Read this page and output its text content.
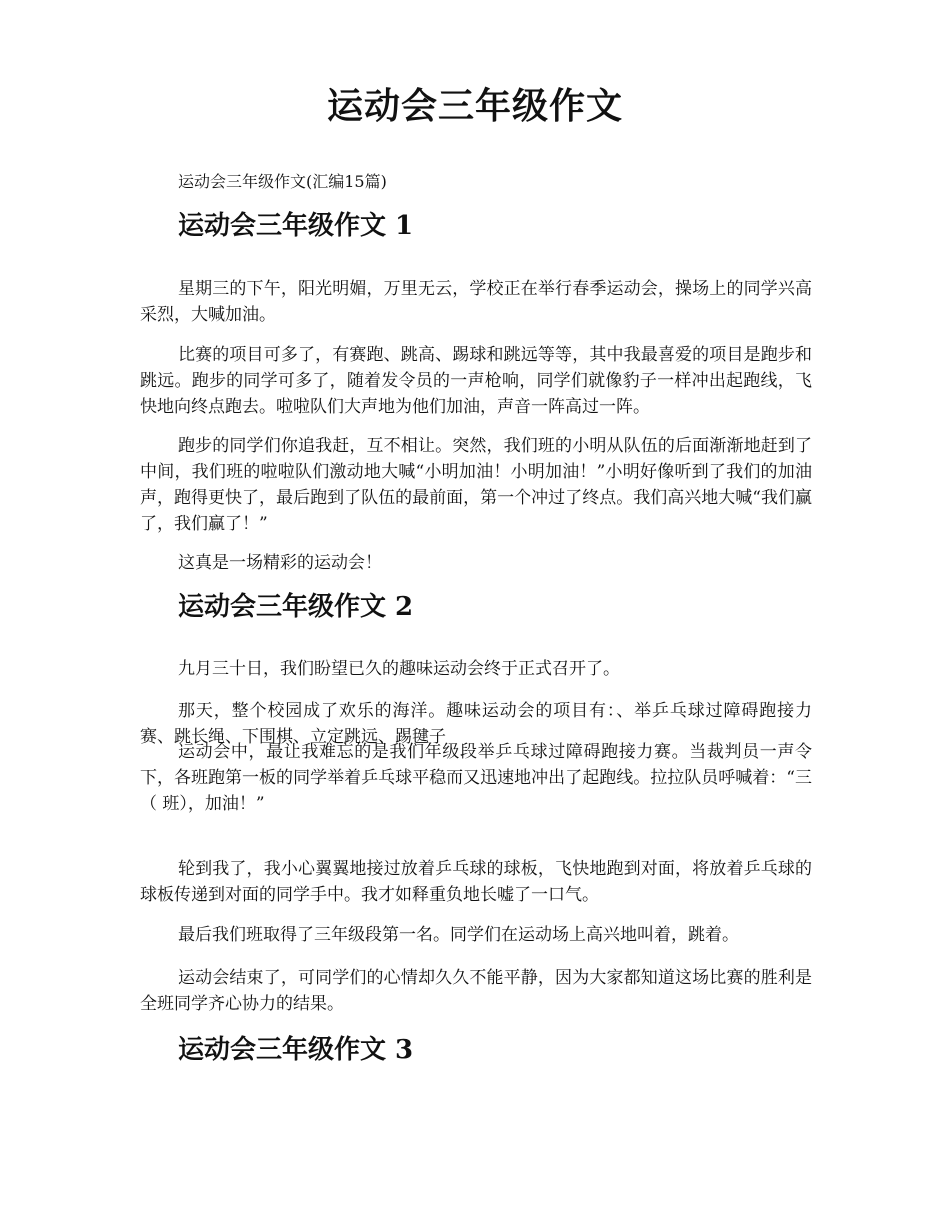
运动会三年级作文

运动会三年级作文(汇编15篇)

运动会三年级作文 1

星期三的下午，阳光明媚，万里无云，学校正在举行春季运动会，操场上的同学兴高采烈，大喊加油。

比赛的项目可多了，有赛跑、跳高、踢球和跳远等等，其中我最喜爱的项目是跑步和跳远。跑步的同学可多了，随着发令员的一声枪响，同学们就像豹子一样冲出起跑线，飞快地向终点跑去。啦啦队们大声地为他们加油，声音一阵高过一阵。

跑步的同学们你追我赶，互不相让。突然，我们班的小明从队伍的后面渐渐地赶到了中间，我们班的啦啦队们激动地大喊“小明加油！小明加油！”小明好像听到了我们的加油声，跑得更快了，最后跑到了队伍的最前面，第一个冲过了终点。我们高兴地大喊“我们赢了，我们赢了！”

这真是一场精彩的运动会！

运动会三年级作文 2

九月三十日，我们盼望已久的趣味运动会终于正式召开了。

那天，整个校园成了欢乐的海洋。趣味运动会的项目有：、举乒乓球过障碍跑接力赛、跳长绳、下围棋、立定跳远、踢毽子

运动会中，最让我难忘的是我们年级段举乒乓球过障碍跑接力赛。当裁判员一声令下，各班跑第一板的同学举着乒乓球平稳而又迅速地冲出了起跑线。拉拉队员呼喊着：“三（ 班），加油！”

轮到我了，我小心翼翼地接过放着乒乓球的球板，飞快地跑到对面，将放着乒乓球的球板传递到对面的同学手中。我才如释重负地长嘘了一口气。

最后我们班取得了三年级段第一名。同学们在运动场上高兴地叫着，跳着。

运动会结束了，可同学们的心情却久久不能平静，因为大家都知道这场比赛的胜利是全班同学齐心协力的结果。

运动会三年级作文 3
